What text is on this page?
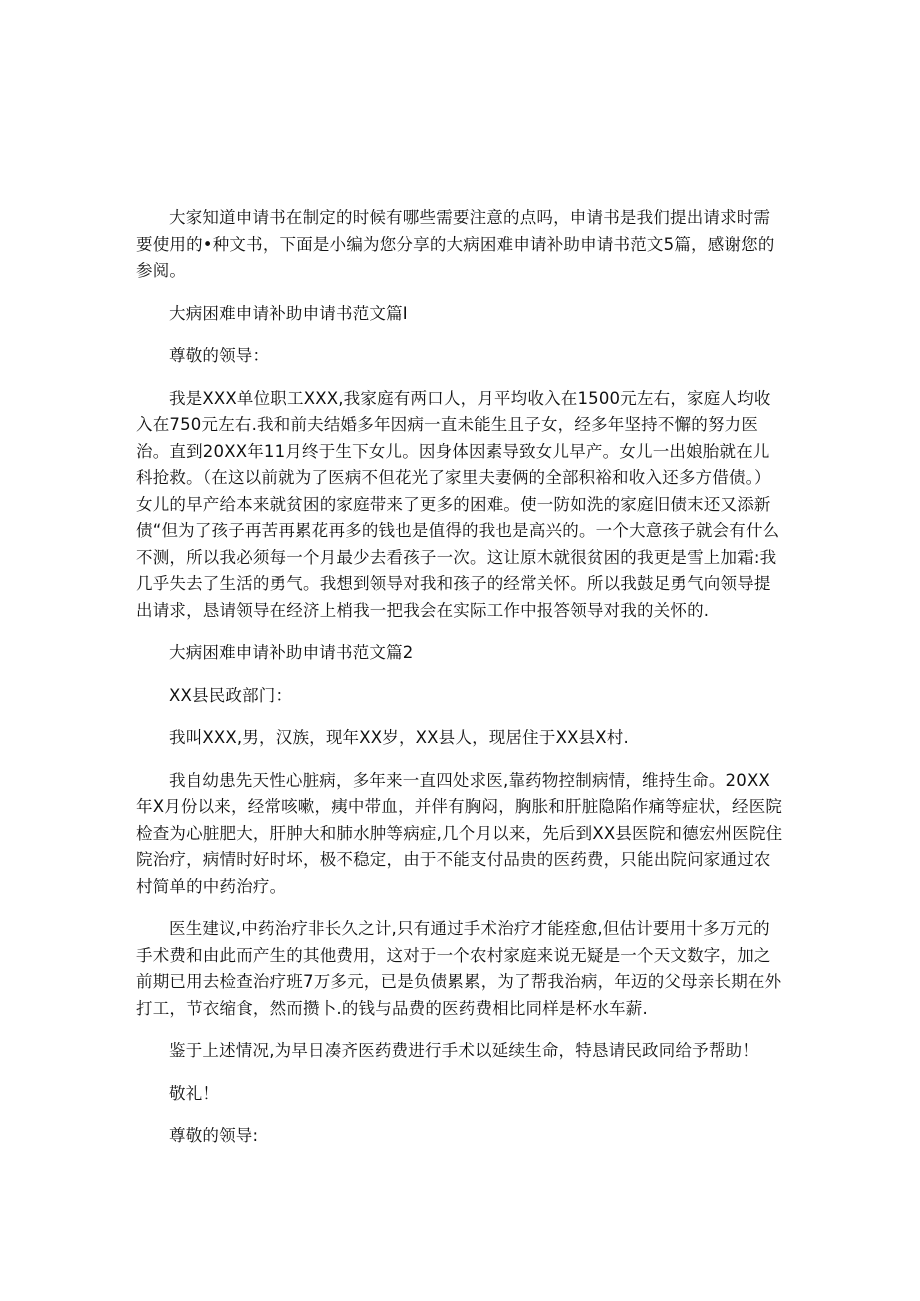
大家知道申请书在制定的时候有哪些需要注意的点吗，申请书是我们提出请求时需要使用的•种文书，下面是小编为您分享的大病困难申请补助申请书范文5篇，感谢您的参阅。

大病困难申请补助申请书范文篇I

尊敬的领导：

我是XXX单位职工XXX,我家庭有两口人，月平均收入在1500元左右，家庭人均收入在750元左右.我和前夫结婚多年因病一直未能生且子女，经多年坚持不懈的努力医治。直到20XX年11月终于生下女儿。因身体因素导致女儿早产。女儿一出娘胎就在儿科抢救。（在这以前就为了医病不但花光了家里夫妻俩的全部积裕和收入还多方借债。）女儿的早产给本来就贫困的家庭带来了更多的困难。使一防如洗的家庭旧债末还又添新债“但为了孩子再苦再累花再多的钱也是值得的我也是高兴的。一个大意孩子就会有什么不测，所以我必须每一个月最少去看孩子一次。这让原木就很贫困的我更是雪上加霜:我几乎失去了生活的勇气。我想到领导对我和孩子的经常关怀。所以我鼓足勇气向领导提出请求，恳请领导在经济上梢我一把我会在实际工作中报答领导对我的关怀的.

大病困难申请补助申请书范文篇2

XX县民政部门：

我叫XXX,男，汉族，现年XX岁，XX县人，现居住于XX县X村.

我自幼患先天性心脏病，多年来一直四处求医,靠药物控制病情，维持生命。20XX年X月份以来，经常咳嗽，痍中带血，并伴有胸闷，胸胀和肝脏隐陷作痛等症状，经医院检查为心脏肥大，肝肿大和肺水肿等病症,几个月以来，先后到XX县医院和德宏州医院住院治疗，病情时好时坏，极不稳定，由于不能支付品贵的医药费，只能出院问家通过农村简单的中药治疗。

医生建议,中药治疗非长久之计,只有通过手术治疗才能痊愈,但估计要用十多万元的手术费和由此而产生的其他费用，这对于一个农村家庭来说无疑是一个天文数字，加之前期已用去检查治疗班7万多元，已是负债累累，为了帮我治病，年迈的父母亲长期在外打工，节衣缩食，然而攒卜.的钱与品费的医药费相比同样是杯水车薪.

鉴于上述情况,为早日凑齐医药费进行手术以延续生命，特恳请民政同给予帮助！

敬礼！

尊敬的领导:
